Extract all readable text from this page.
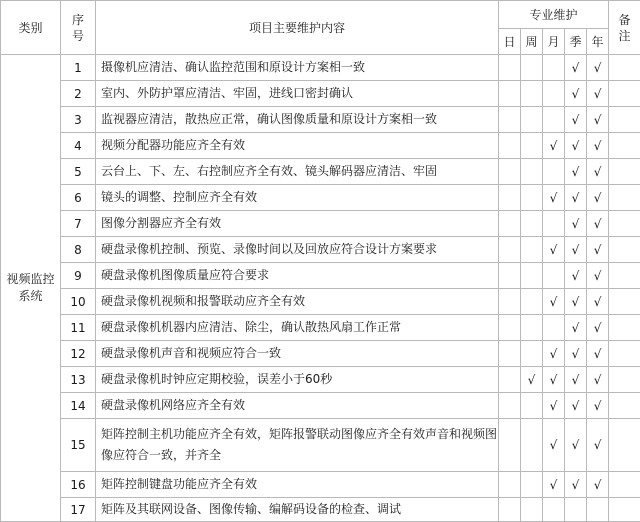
类别	序号	项目主要维护内容	专业维护					备注

			日	周	月	季	年	

视频监控系统	1	摄像机应清洁、确认监控范围和原设计方案相一致				√	√	
	2	室内、外防护罩应清洁、牢固，进线口密封确认				√	√	
	3	监视器应清洁，散热应正常，确认图像质量和原设计方案相一致				√	√	
	4	视频分配器功能应齐全有效			√	√	√	
	5	云台上、下、左、右控制应齐全有效、镜头解码器应清洁、牢固				√	√	
	6	镜头的调整、控制应齐全有效			√	√	√	
	7	图像分割器应齐全有效				√	√	
	8	硬盘录像机控制、预览、录像时间以及回放应符合设计方案要求			√	√	√	
	9	硬盘录像机图像质量应符合要求				√	√	
	10	硬盘录像机视频和报警联动应齐全有效			√	√	√	
	11	硬盘录像机机器内应清洁、除尘，确认散热风扇工作正常				√	√	
	12	硬盘录像机声音和视频应符合一致			√	√	√	
	13	硬盘录像机时钟应定期校验，误差小于60秒		√	√	√	√	
	14	硬盘录像机网络应齐全有效			√	√	√	
	15	矩阵控制主机功能应齐全有效，矩阵报警联动图像应齐全有效声音和视频图像应符合一致，并齐全			√	√	√	
	16	矩阵控制键盘功能应齐全有效			√	√	√	
	17	矩阵及其联网设备、图像传输、编解码设备的检查、调试						
